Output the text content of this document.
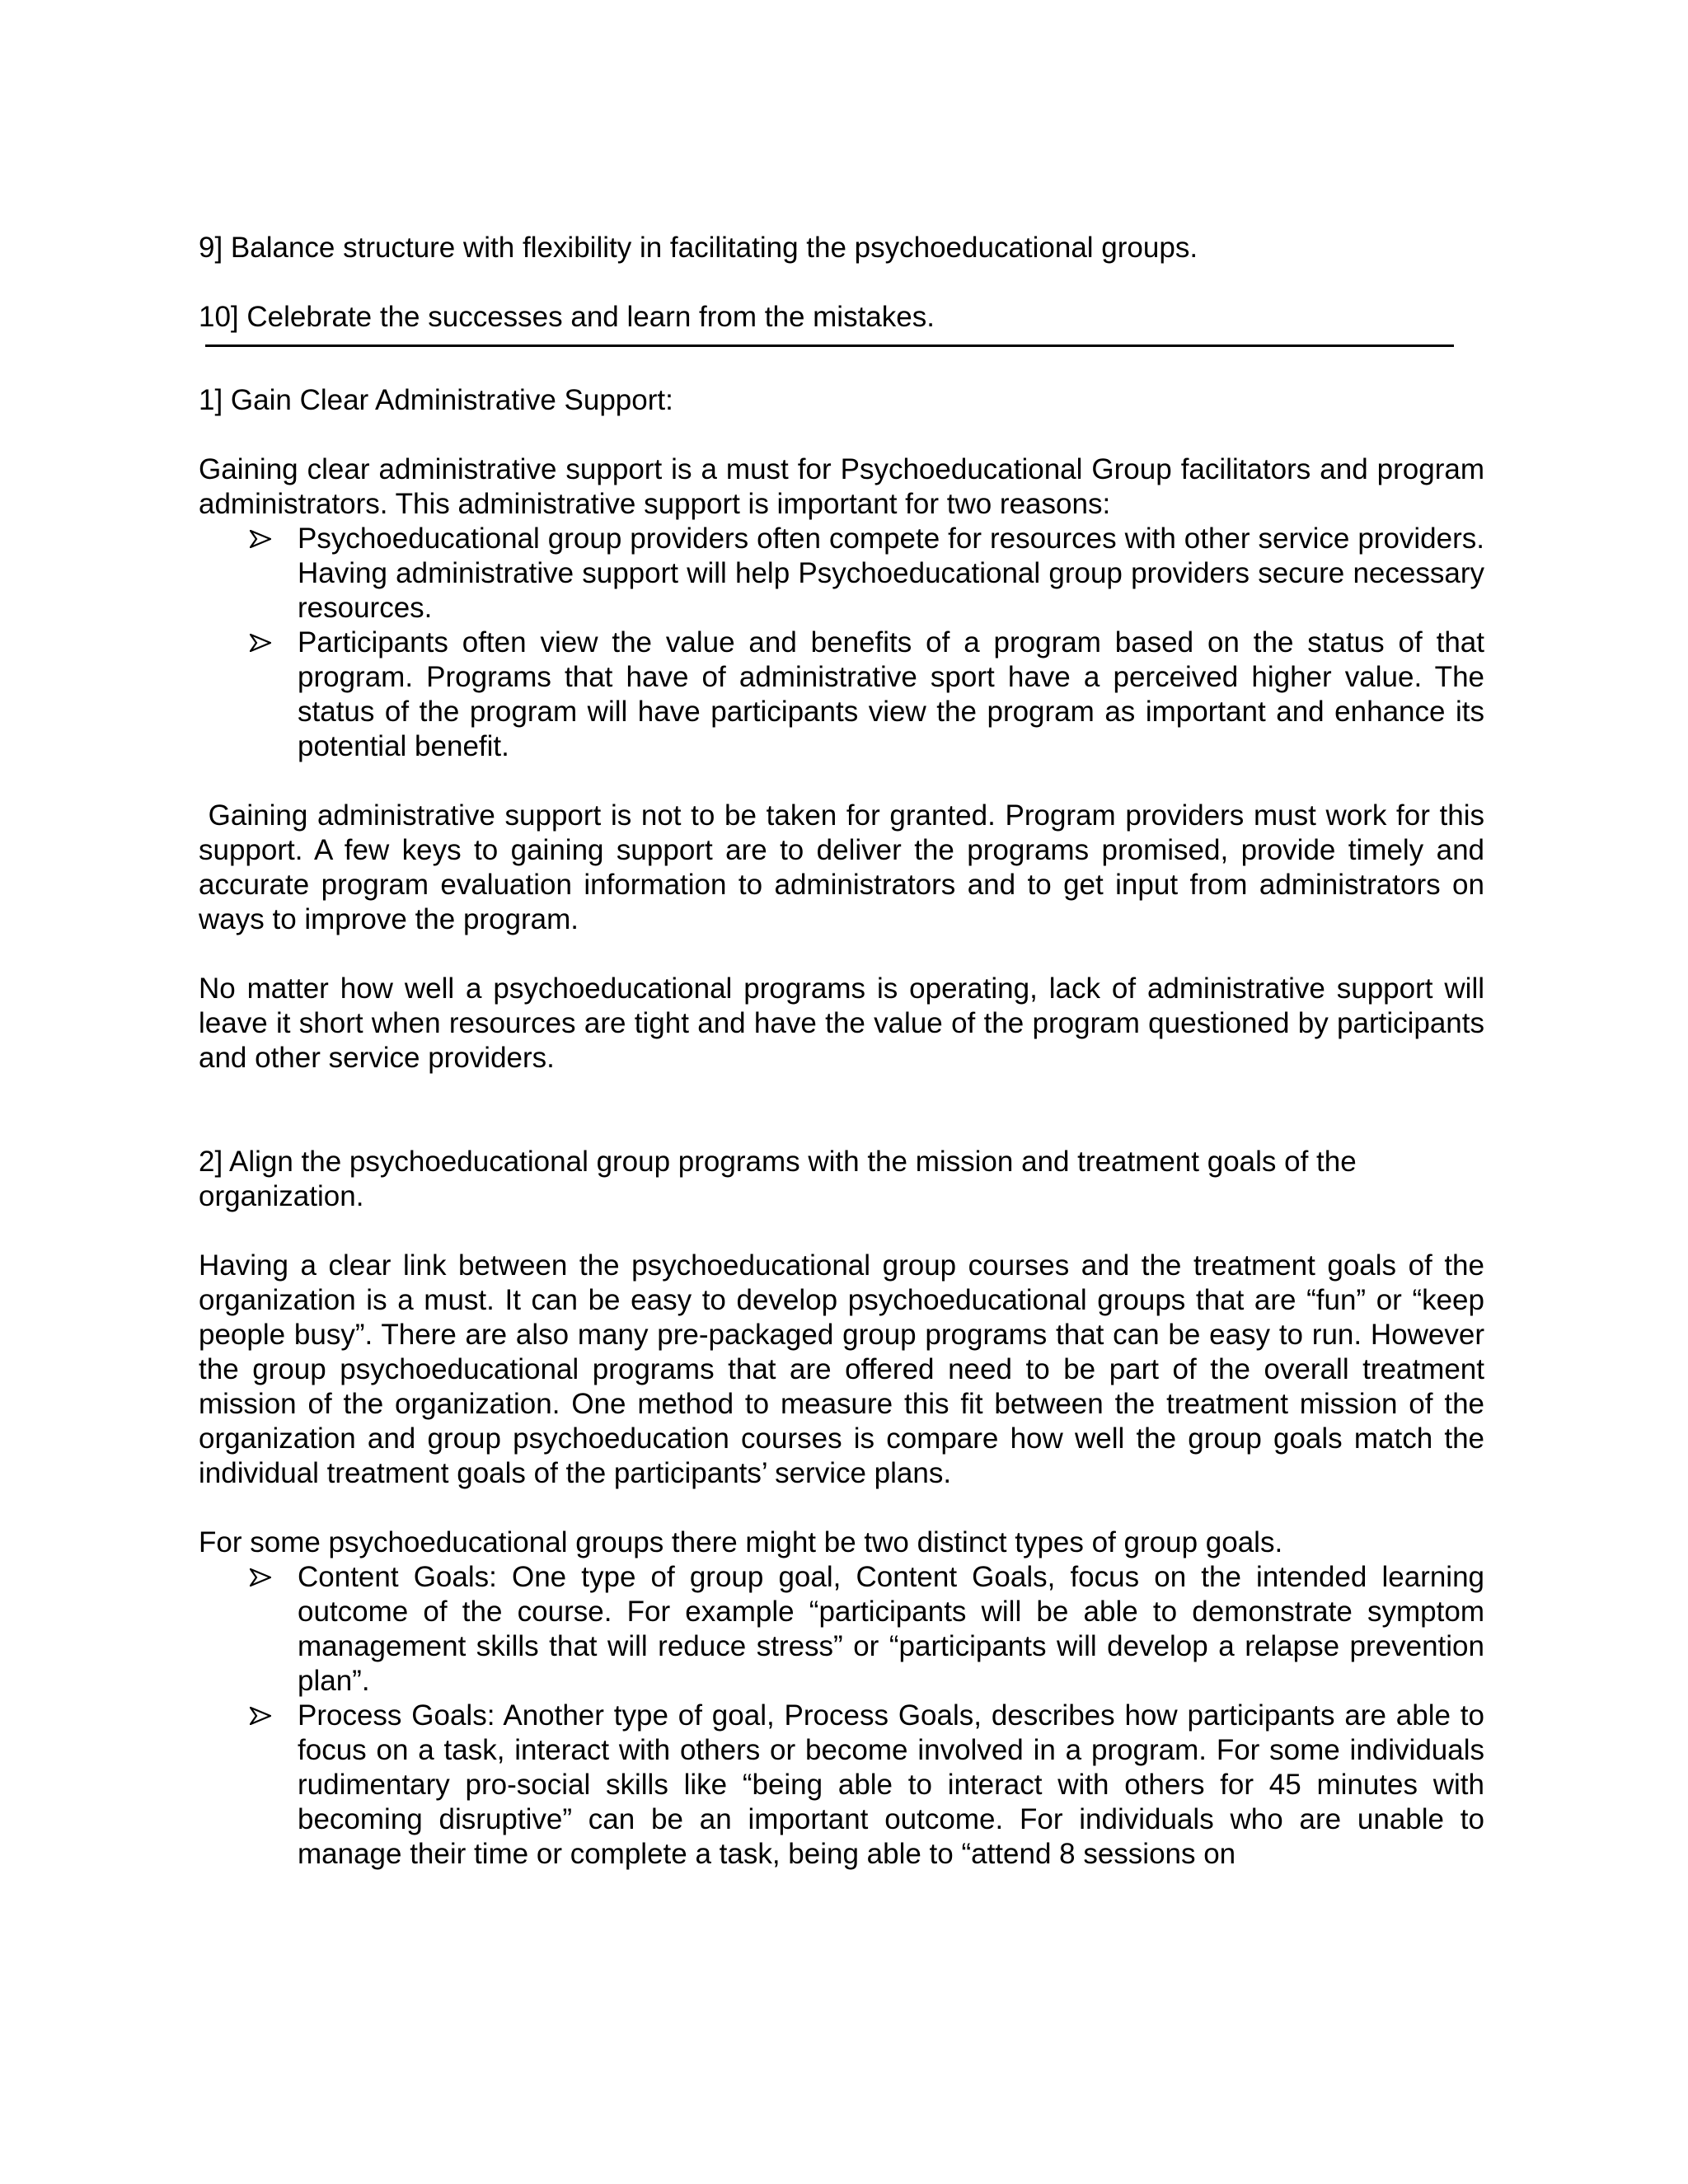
9] Balance structure with flexibility in facilitating the psychoeducational groups.

10] Celebrate the successes and learn from the mistakes.

1] Gain Clear Administrative Support:

Gaining clear administrative support is a must for Psychoeducational Group facilitators and program administrators. This administrative support is important for two reasons:

Psychoeducational group providers often compete for resources with other service providers. Having administrative support will help Psychoeducational group providers secure necessary resources.
Participants often view the value and benefits of a program based on the status of that program. Programs that have of administrative sport have a perceived higher value. The status of the program will have participants view the program as important and enhance its potential benefit.

Gaining administrative support is not to be taken for granted. Program providers must work for this support. A few keys to gaining support are to deliver the programs promised, provide timely and accurate program evaluation information to administrators and to get input from administrators on ways to improve the program.

No matter how well a psychoeducational programs is operating, lack of administrative support will leave it short when resources are tight and have the value of the program questioned by participants and other service providers.

2] Align the psychoeducational group programs with the mission and treatment goals of the organization.

Having a clear link between the psychoeducational group courses and the treatment goals of the organization is a must. It can be easy to develop psychoeducational groups that are “fun” or “keep people busy”. There are also many pre-packaged group programs that can be easy to run. However the group psychoeducational programs that are offered need to be part of the overall treatment mission of the organization. One method to measure this fit between the treatment mission of the organization and group psychoeducation courses is compare how well the group goals match the individual treatment goals of the participants’ service plans.

For some psychoeducational groups there might be two distinct types of group goals.

Content Goals: One type of group goal, Content Goals, focus on the intended learning outcome of the course. For example “participants will be able to demonstrate symptom management skills that will reduce stress” or “participants will develop a relapse prevention plan”.
Process Goals: Another type of goal, Process Goals, describes how participants are able to focus on a task, interact with others or become involved in a program. For some individuals rudimentary pro-social skills like “being able to interact with others for 45 minutes with becoming disruptive” can be an important outcome. For individuals who are unable to manage their time or complete a task, being able to “attend 8 sessions on
